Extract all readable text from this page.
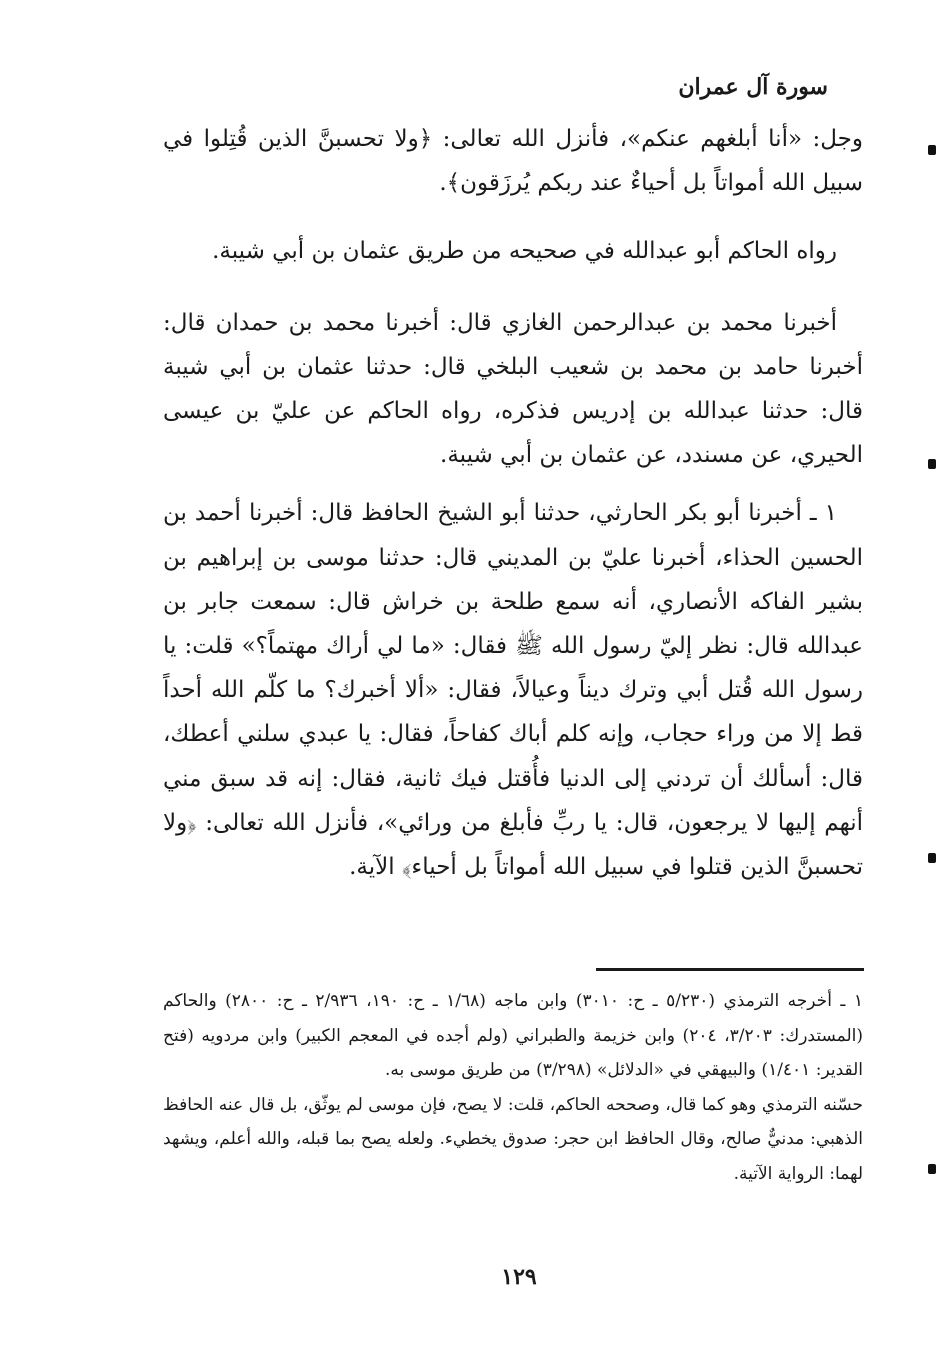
سورة آل عمران

وجل: «أنا أبلغهم عنكم»، فأنزل الله تعالى: ﴿ولا تحسبنَّ الذين قُتِلوا في سبيل الله أمواتاً بل أحياءٌ عند ربكم يُرزَقون﴾.

رواه الحاكم أبو عبدالله في صحيحه من طريق عثمان بن أبي شيبة.

أخبرنا محمد بن عبدالرحمن الغازي قال: أخبرنا محمد بن حمدان قال: أخبرنا حامد بن محمد بن شعيب البلخي قال: حدثنا عثمان بن أبي شيبة قال: حدثنا عبدالله بن إدريس فذكره، رواه الحاكم عن عليّ بن عيسى الحيري، عن مسندد، عن عثمان بن أبي شيبة.

١ ـ أخبرنا أبو بكر الحارثي، حدثنا أبو الشيخ الحافظ قال: أخبرنا أحمد بن الحسين الحذاء، أخبرنا عليّ بن المديني قال: حدثنا موسى بن إبراهيم بن بشير الفاكه الأنصاري، أنه سمع طلحة بن خراش قال: سمعت جابر بن عبدالله قال: نظر إليّ رسول الله ﷺ فقال: «ما لي أراك مهتماً؟» قلت: يا رسول الله قُتل أبي وترك ديناً وعيالاً، فقال: «ألا أخبرك؟ ما كلّم الله أحداً قط إلا من وراء حجاب، وإنه كلم أباك كفاحاً، فقال: يا عبدي سلني أعطك، قال: أسألك أن تردني إلى الدنيا فأُقتل فيك ثانية، فقال: إنه قد سبق مني أنهم إليها لا يرجعون، قال: يا ربِّ فأبلغ من ورائي»، فأنزل الله تعالى: ﴿ولا تحسبنَّ الذين قتلوا في سبيل الله أمواتاً بل أحياء﴾ الآية.

١ ـ أخرجه الترمذي (٥/٢٣٠ ـ ح: ٣٠١٠) وابن ماجه (١/٦٨ ـ ح: ١٩٠، ٢/٩٣٦ ـ ح: ٢٨٠٠) والحاكم (المستدرك: ٣/٢٠٣، ٢٠٤) وابن خزيمة والطبراني (ولم أجده في المعجم الكبير) وابن مردويه (فتح القدير: ١/٤٠١) والبيهقي في «الدلائل» (٣/٢٩٨) من طريق موسى به.

حسّنه الترمذي وهو كما قال، وصححه الحاكم، قلت: لا يصح، فإن موسى لم يوثّق، بل قال عنه الحافظ الذهبي: مدنيٌّ صالح، وقال الحافظ ابن حجر: صدوق يخطيء. ولعله يصح بما قبله، والله أعلم، ويشهد لهما: الرواية الآتية.

١٢٩
